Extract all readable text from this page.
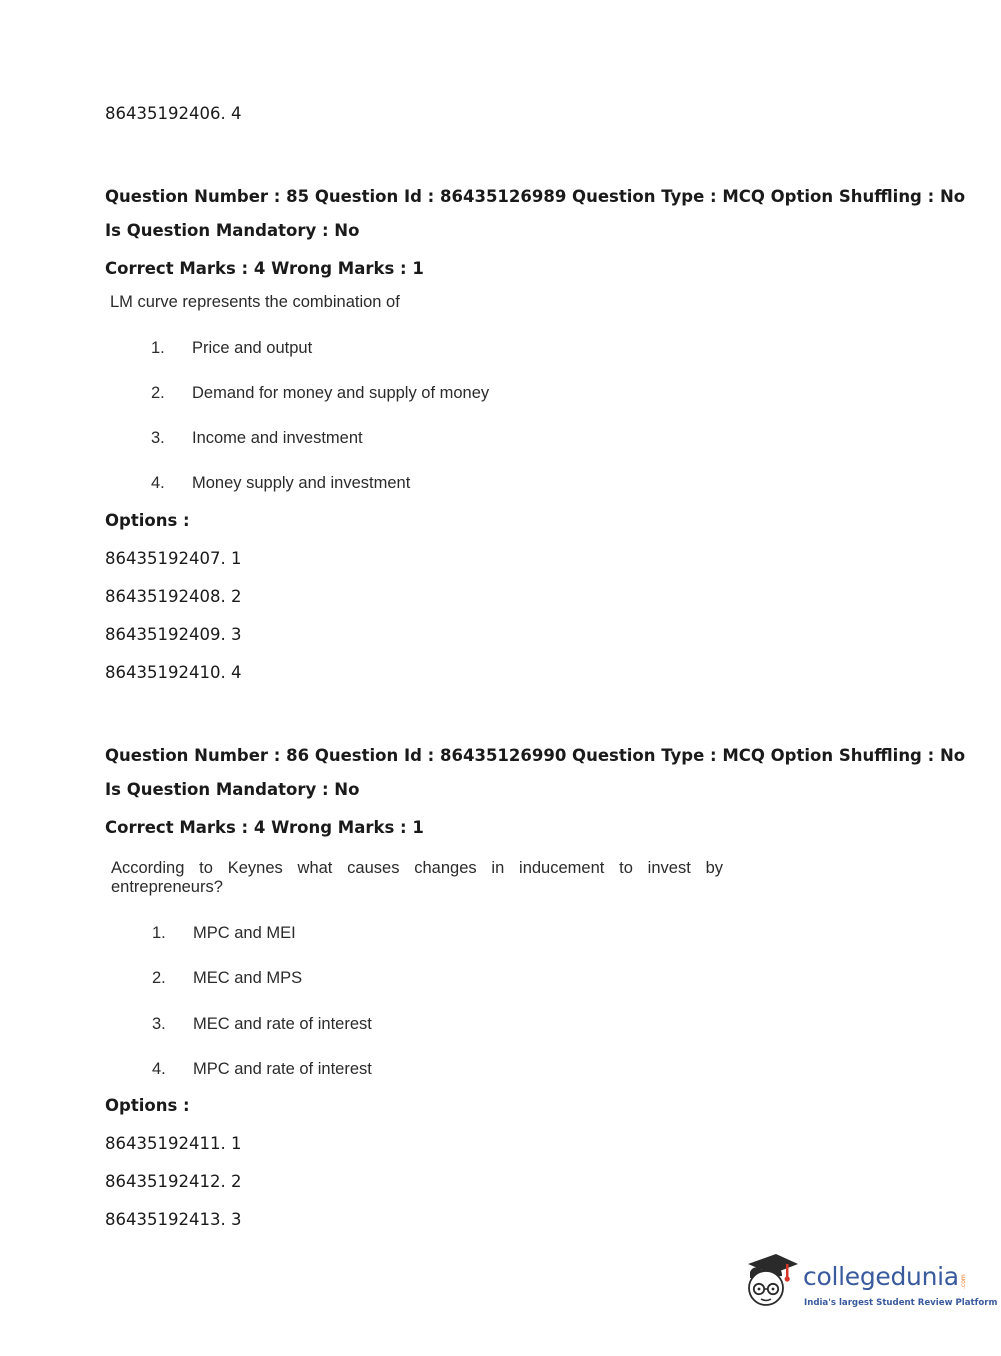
86435192406. 4
Question Number : 85 Question Id : 86435126989 Question Type : MCQ Option Shuffling : No
Is Question Mandatory : No
Correct Marks : 4 Wrong Marks : 1
LM curve represents the combination of
1. Price and output
2. Demand for money and supply of money
3. Income and investment
4. Money supply and investment
Options :
86435192407. 1
86435192408. 2
86435192409. 3
86435192410. 4
Question Number : 86 Question Id : 86435126990 Question Type : MCQ Option Shuffling : No
Is Question Mandatory : No
Correct Marks : 4 Wrong Marks : 1
According to Keynes what causes changes in inducement to invest by
entrepreneurs?
1. MPC and MEI
2. MEC and MPS
3. MEC and rate of interest
4. MPC and rate of interest
Options :
86435192411. 1
86435192412. 2
86435192413. 3
collegedunia .com
India's largest Student Review Platform
